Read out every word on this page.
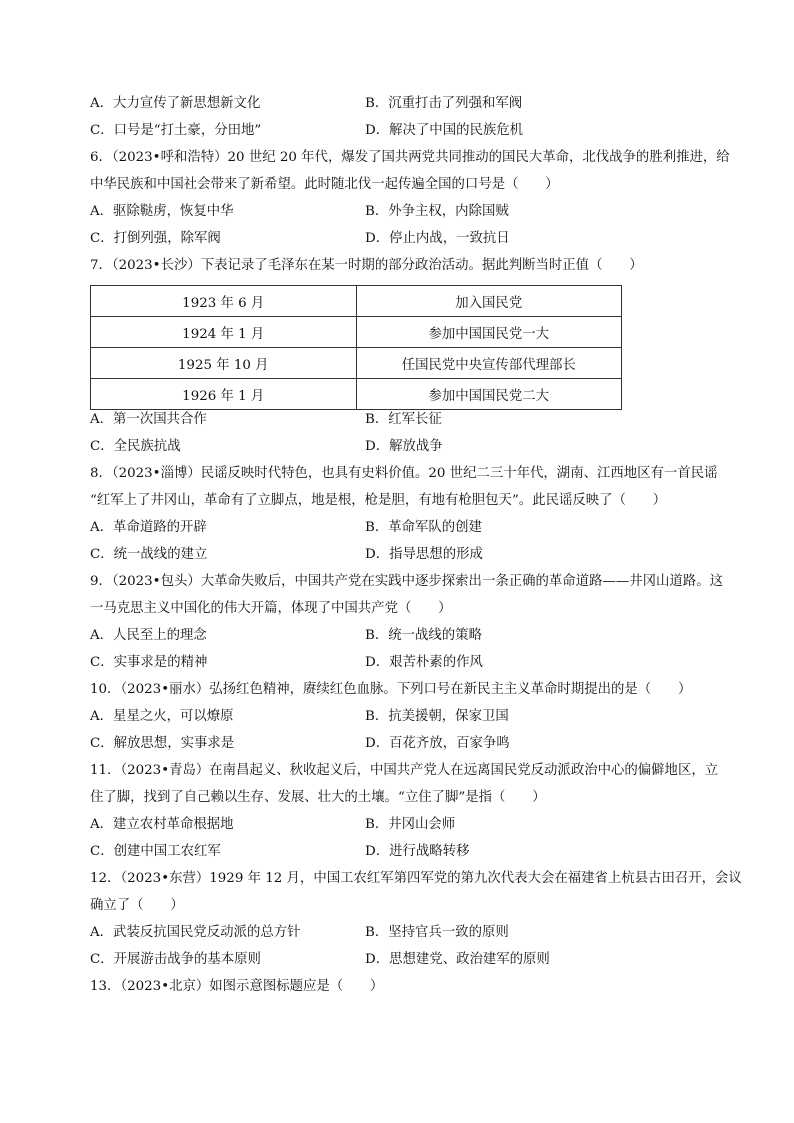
A．大力宣传了新思想新文化	B．沉重打击了列强和军阀
C．口号是“打土豪，分田地”	D．解决了中国的民族危机
6．（2023•呼和浩特）20 世纪 20 年代，爆发了国共两党共同推动的国民大革命，北伐战争的胜利推进，给
中华民族和中国社会带来了新希望。此时随北伐一起传遍全国的口号是（　　）
A．驱除鞑虏，恢复中华	B．外争主权，内除国贼
C．打倒列强，除军阀	D．停止内战，一致抗日
7．（2023•长沙）下表记录了毛泽东在某一时期的部分政治活动。据此判断当时正值（　　）
1923 年 6 月	加入国民党
1924 年 1 月	参加中国国民党一大
1925 年 10 月	任国民党中央宣传部代理部长
1926 年 1 月	参加中国国民党二大
A．第一次国共合作	B．红军长征
C．全民族抗战	D．解放战争
8．（2023•淄博）民谣反映时代特色，也具有史料价值。20 世纪二三十年代，湖南、江西地区有一首民谣
“红军上了井冈山，革命有了立脚点，地是根，枪是胆，有地有枪胆包天”。此民谣反映了（　　）
A．革命道路的开辟	B．革命军队的创建
C．统一战线的建立	D．指导思想的形成
9．（2023•包头）大革命失败后，中国共产党在实践中逐步探索出一条正确的革命道路——井冈山道路。这
一马克思主义中国化的伟大开篇，体现了中国共产党（　　）
A．人民至上的理念	B．统一战线的策略
C．实事求是的精神	D．艰苦朴素的作风
10．（2023•丽水）弘扬红色精神，赓续红色血脉。下列口号在新民主主义革命时期提出的是（　　）
A．星星之火，可以燎原	B．抗美援朝，保家卫国
C．解放思想，实事求是	D．百花齐放，百家争鸣
11．（2023•青岛）在南昌起义、秋收起义后，中国共产党人在远离国民党反动派政治中心的偏僻地区，立
住了脚，找到了自己赖以生存、发展、壮大的土壤。“立住了脚”是指（　　）
A．建立农村革命根据地	B．井冈山会师
C．创建中国工农红军	D．进行战略转移
12．（2023•东营）1929 年 12 月，中国工农红军第四军党的第九次代表大会在福建省上杭县古田召开，会议
确立了（　　）
A．武装反抗国民党反动派的总方针	B．坚持官兵一致的原则
C．开展游击战争的基本原则	D．思想建党、政治建军的原则
13．（2023•北京）如图示意图标题应是（　　）
